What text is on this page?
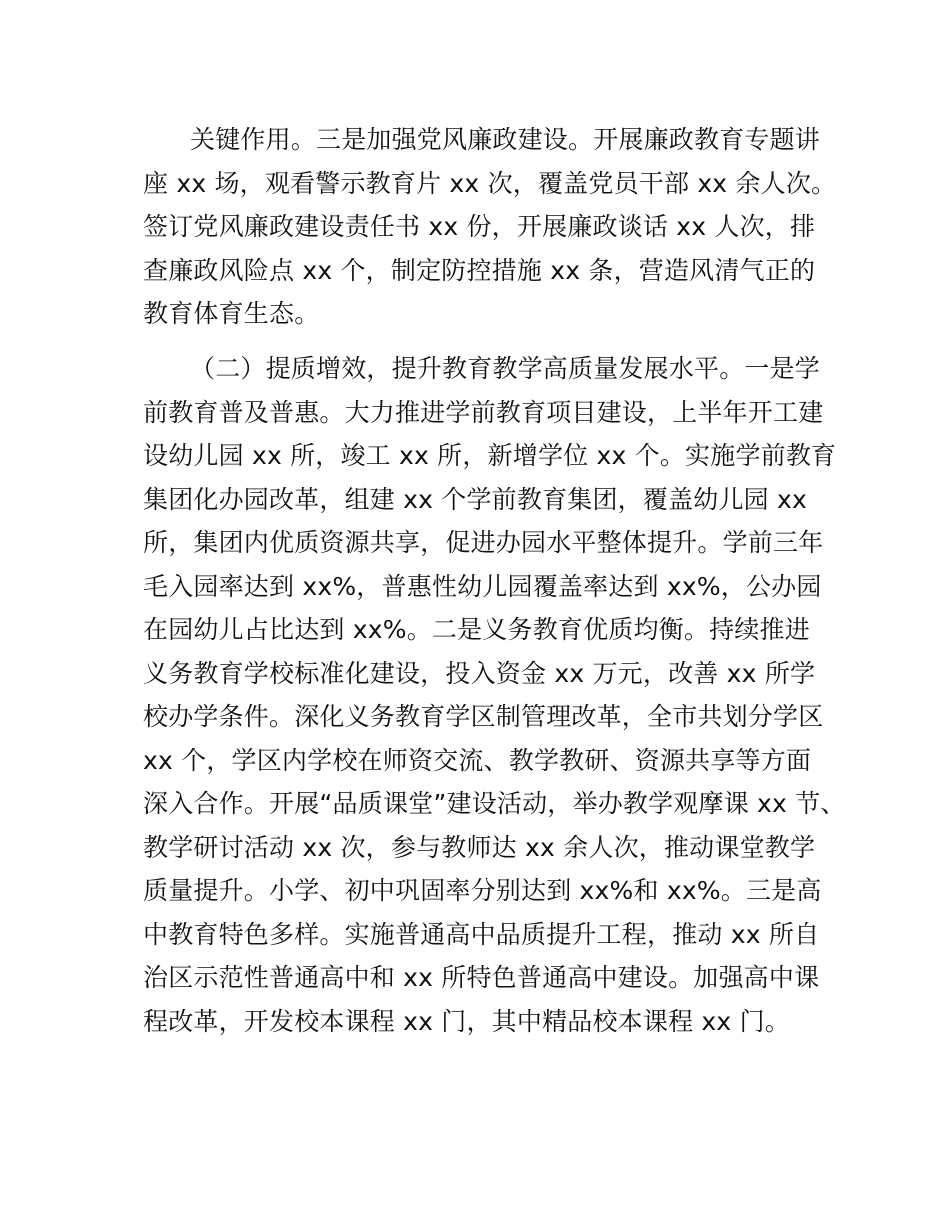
关键作用。三是加强党风廉政建设。开展廉政教育专题讲
座 xx 场，观看警示教育片 xx 次，覆盖党员干部 xx 余人次。
签订党风廉政建设责任书 xx 份，开展廉政谈话 xx 人次，排
查廉政风险点 xx 个，制定防控措施 xx 条，营造风清气正的
教育体育生态。
（二）提质增效，提升教育教学高质量发展水平。一是学
前教育普及普惠。大力推进学前教育项目建设，上半年开工建
设幼儿园 xx 所，竣工 xx 所，新增学位 xx 个。实施学前教育
集团化办园改革，组建 xx 个学前教育集团，覆盖幼儿园 xx
所，集团内优质资源共享，促进办园水平整体提升。学前三年
毛入园率达到 xx%，普惠性幼儿园覆盖率达到 xx%，公办园
在园幼儿占比达到 xx%。二是义务教育优质均衡。持续推进
义务教育学校标准化建设，投入资金 xx 万元，改善 xx 所学
校办学条件。深化义务教育学区制管理改革，全市共划分学区
xx 个，学区内学校在师资交流、教学教研、资源共享等方面
深入合作。开展“品质课堂”建设活动，举办教学观摩课 xx 节、
教学研讨活动 xx 次，参与教师达 xx 余人次，推动课堂教学
质量提升。小学、初中巩固率分别达到 xx%和 xx%。三是高
中教育特色多样。实施普通高中品质提升工程，推动 xx 所自
治区示范性普通高中和 xx 所特色普通高中建设。加强高中课
程改革，开发校本课程 xx 门，其中精品校本课程 xx 门。
